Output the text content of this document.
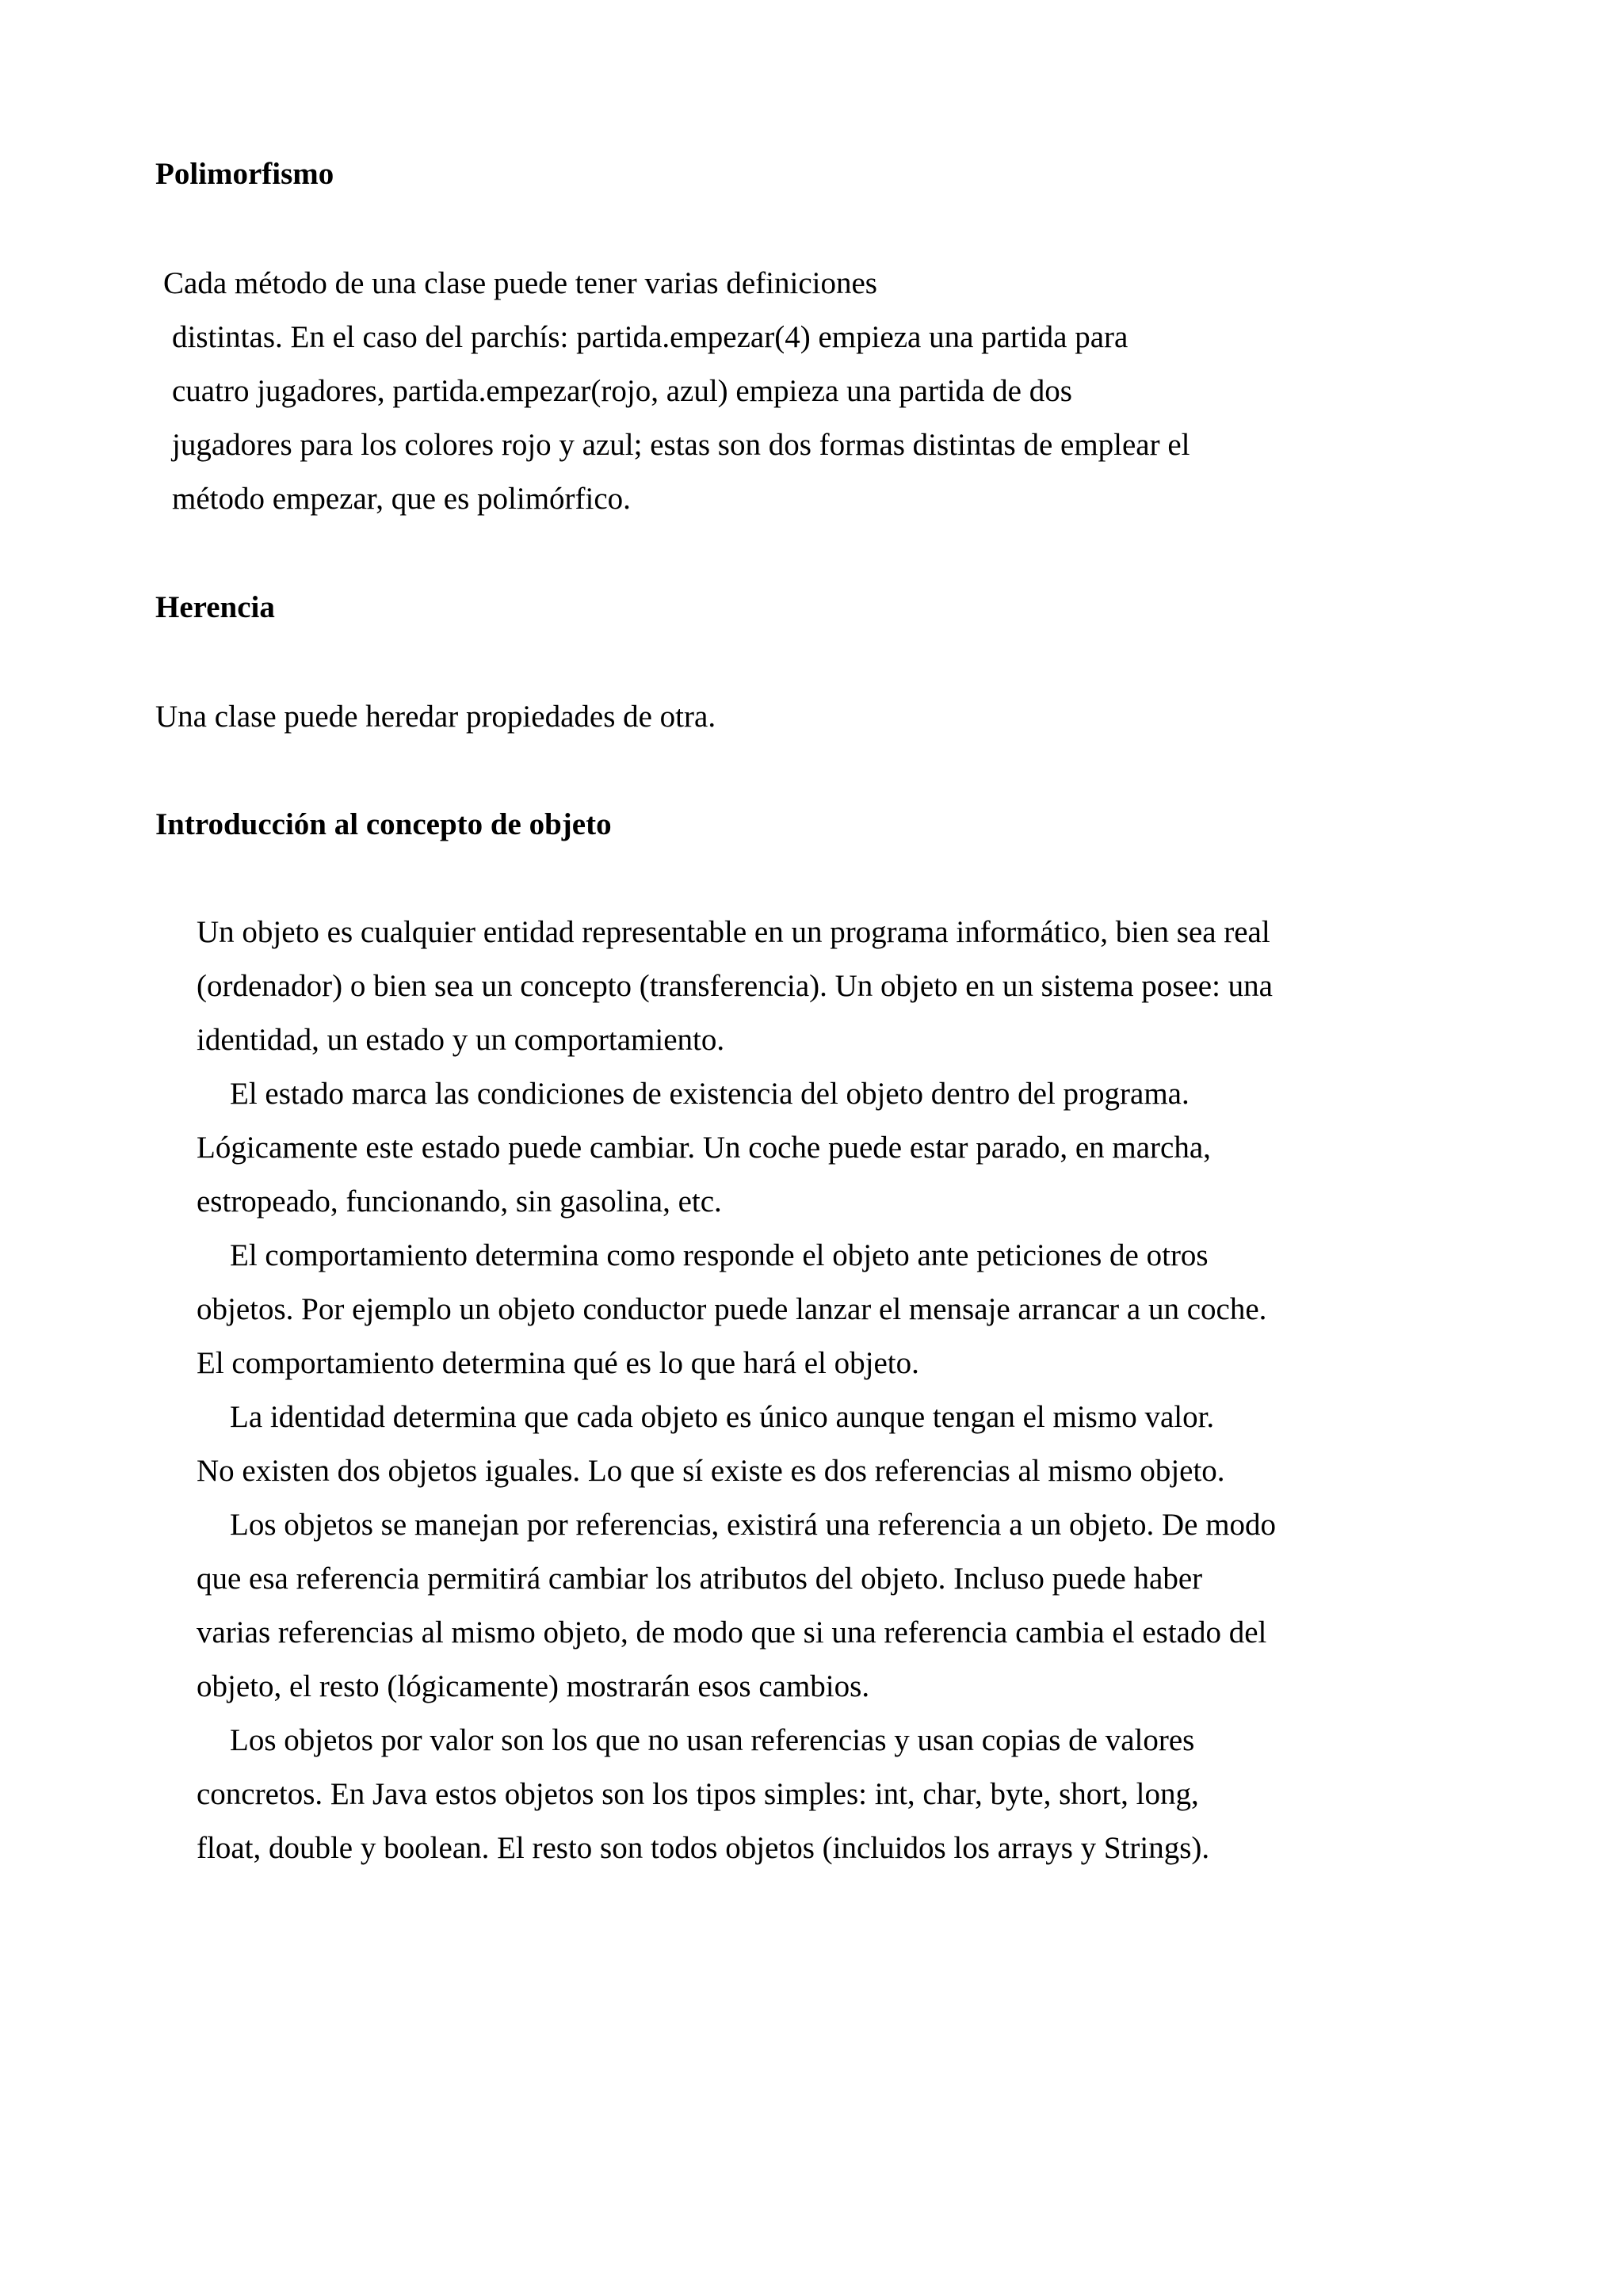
Polimorfismo

Cada método de una clase puede tener varias definiciones

distintas. En el caso del parchís: partida.empezar(4) empieza una partida para

cuatro jugadores, partida.empezar(rojo, azul) empieza una partida de dos

jugadores para los colores rojo y azul; estas son dos formas distintas de emplear el

método empezar, que es polimórfico.

Herencia

Una clase puede heredar propiedades de otra.

Introducción al concepto de objeto

Un objeto es cualquier entidad representable en un programa informático, bien sea real

(ordenador) o bien sea un concepto (transferencia). Un objeto en un sistema posee: una

identidad, un estado y un comportamiento.

El estado marca las condiciones de existencia del objeto dentro del programa.

Lógicamente este estado puede cambiar. Un coche puede estar parado, en marcha,

estropeado, funcionando, sin gasolina, etc.

El comportamiento determina como responde el objeto ante peticiones de otros

objetos. Por ejemplo un objeto conductor puede lanzar el mensaje arrancar a un coche.

El comportamiento determina qué es lo que hará el objeto.

La identidad determina que cada objeto es único aunque tengan el mismo valor.

No existen dos objetos iguales. Lo que sí existe es dos referencias al mismo objeto.

Los objetos se manejan por referencias, existirá una referencia a un objeto. De modo

que esa referencia permitirá cambiar los atributos del objeto. Incluso puede haber

varias referencias al mismo objeto, de modo que si una referencia cambia el estado del

objeto, el resto (lógicamente) mostrarán esos cambios.

Los objetos por valor son los que no usan referencias y usan copias de valores

concretos. En Java estos objetos son los tipos simples: int, char, byte, short, long,

float, double y boolean. El resto son todos objetos (incluidos los arrays y Strings).
